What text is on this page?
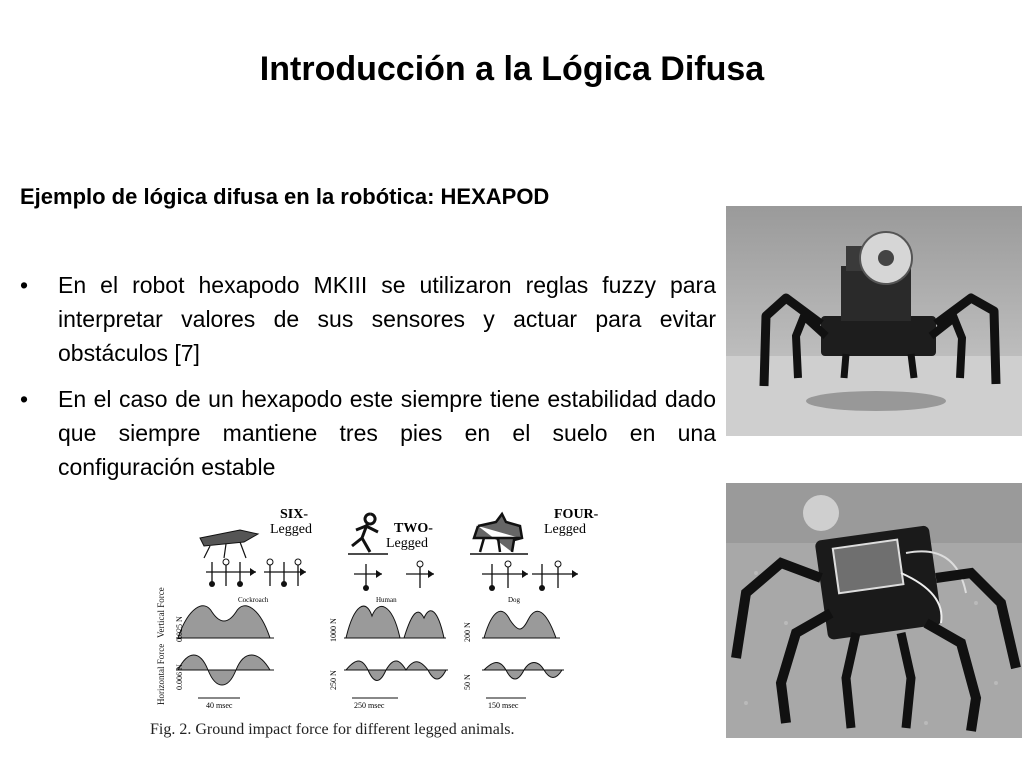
Introducción a la Lógica Difusa
Ejemplo de lógica difusa en la robótica: HEXAPOD
• En el robot hexapodo MKIII se utilizaron reglas fuzzy para interpretar valores de sus sensores y actuar para evitar obstáculos [7]
• En el caso de un hexapodo este siempre tiene estabilidad dado que siempre mantiene tres pies en el suelo en una configuración estable
Vertical Force
Horizontal Force
SIX-
Legged
Cockroach
0.025 N
0.006 N
40 msec
TWO-
Legged
Human
1000 N
250 N
250 msec
FOUR-
Legged
Dog
200 N
50 N
150 msec
Fig. 2. Ground impact force for different legged animals.
